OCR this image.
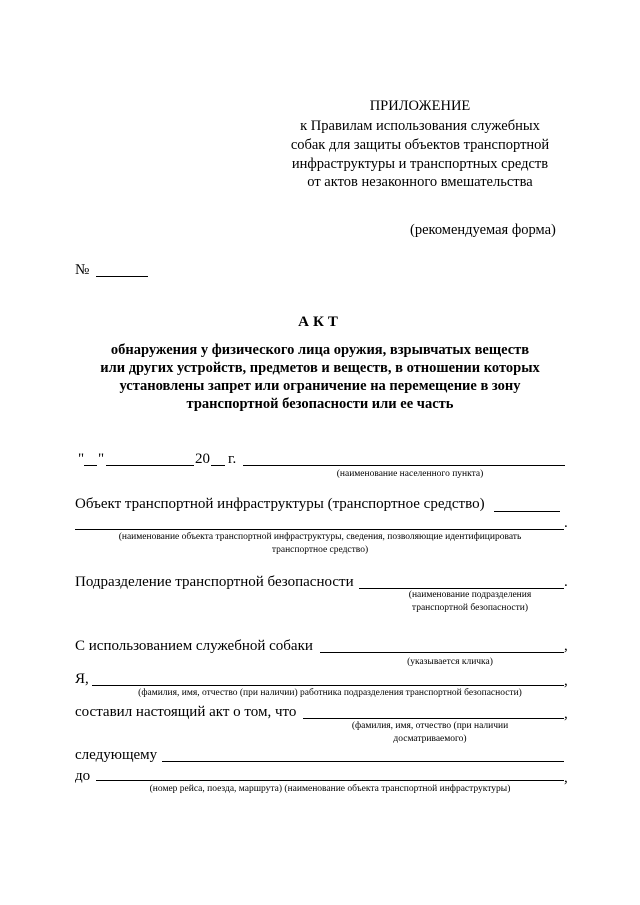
ПРИЛОЖЕНИЕ
к Правилам использования служебных
собак для защиты объектов транспортной
инфраструктуры и транспортных средств
от актов незаконного вмешательства
(рекомендуемая форма)
№
АКТ
обнаружения у физического лица оружия, взрывчатых веществ
или других устройств, предметов и веществ, в отношении которых
установлены запрет или ограничение на перемещение в зону
транспортной безопасности или ее часть
" "	20 г.
(наименование населенного пункта)
Объект транспортной инфраструктуры (транспортное средство)
.
(наименование объекта транспортной инфраструктуры, сведения, позволяющие идентифицировать
транспортное средство)
Подразделение транспортной безопасности	.
(наименование подразделения
транспортной безопасности)
С использованием служебной собаки	,
(указывается кличка)
Я,	,
(фамилия, имя, отчество (при наличии) работника подразделения транспортной безопасности)
составил настоящий акт о том, что	,
(фамилия, имя, отчество (при наличии
досматриваемого)
следующему
до	,
(номер рейса, поезда, маршрута) (наименование объекта транспортной инфраструктуры)
